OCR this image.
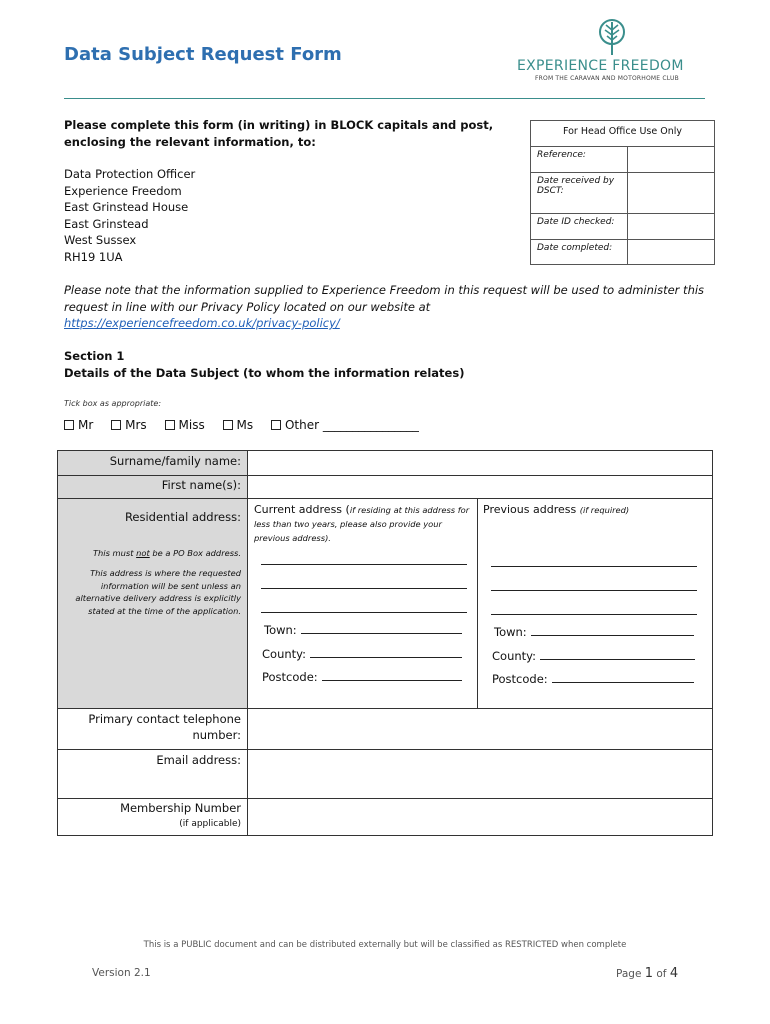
Data Subject Request Form
EXPERIENCE FREEDOM
FROM THE CARAVAN AND MOTORHOME CLUB
Please complete this form (in writing) in BLOCK capitals and post, enclosing the relevant information, to:
Data Protection Officer
Experience Freedom
East Grinstead House
East Grinstead
West Sussex
RH19 1UA
For Head Office Use Only	
Reference:	
Date received by DSCT:	
Date ID checked:	
Date completed:	
Please note that the information supplied to Experience Freedom in this request will be used to administer this request in line with our Privacy Policy located on our website at
https://experiencefreedom.co.uk/privacy-policy/
Section 1
Details of the Data Subject (to whom the information relates)
Tick box as appropriate:
Mr	Mrs	Miss	Ms	Other ________________
Surname/family name:
First name(s):
Residential address:
This must not be a PO Box address.
This address is where the requested information will be sent unless an alternative delivery address is explicitly stated at the time of the application.
Current address (if residing at this address for less than two years, please also provide your previous address).
Town:
County:
Postcode:
Previous address (if required)
Town:
County:
Postcode:
Primary contact telephone
number:
Email address:
Membership Number
(if applicable)
This is a PUBLIC document and can be distributed externally but will be classified as RESTRICTED when complete
Version 2.1	Page 1 of 4
